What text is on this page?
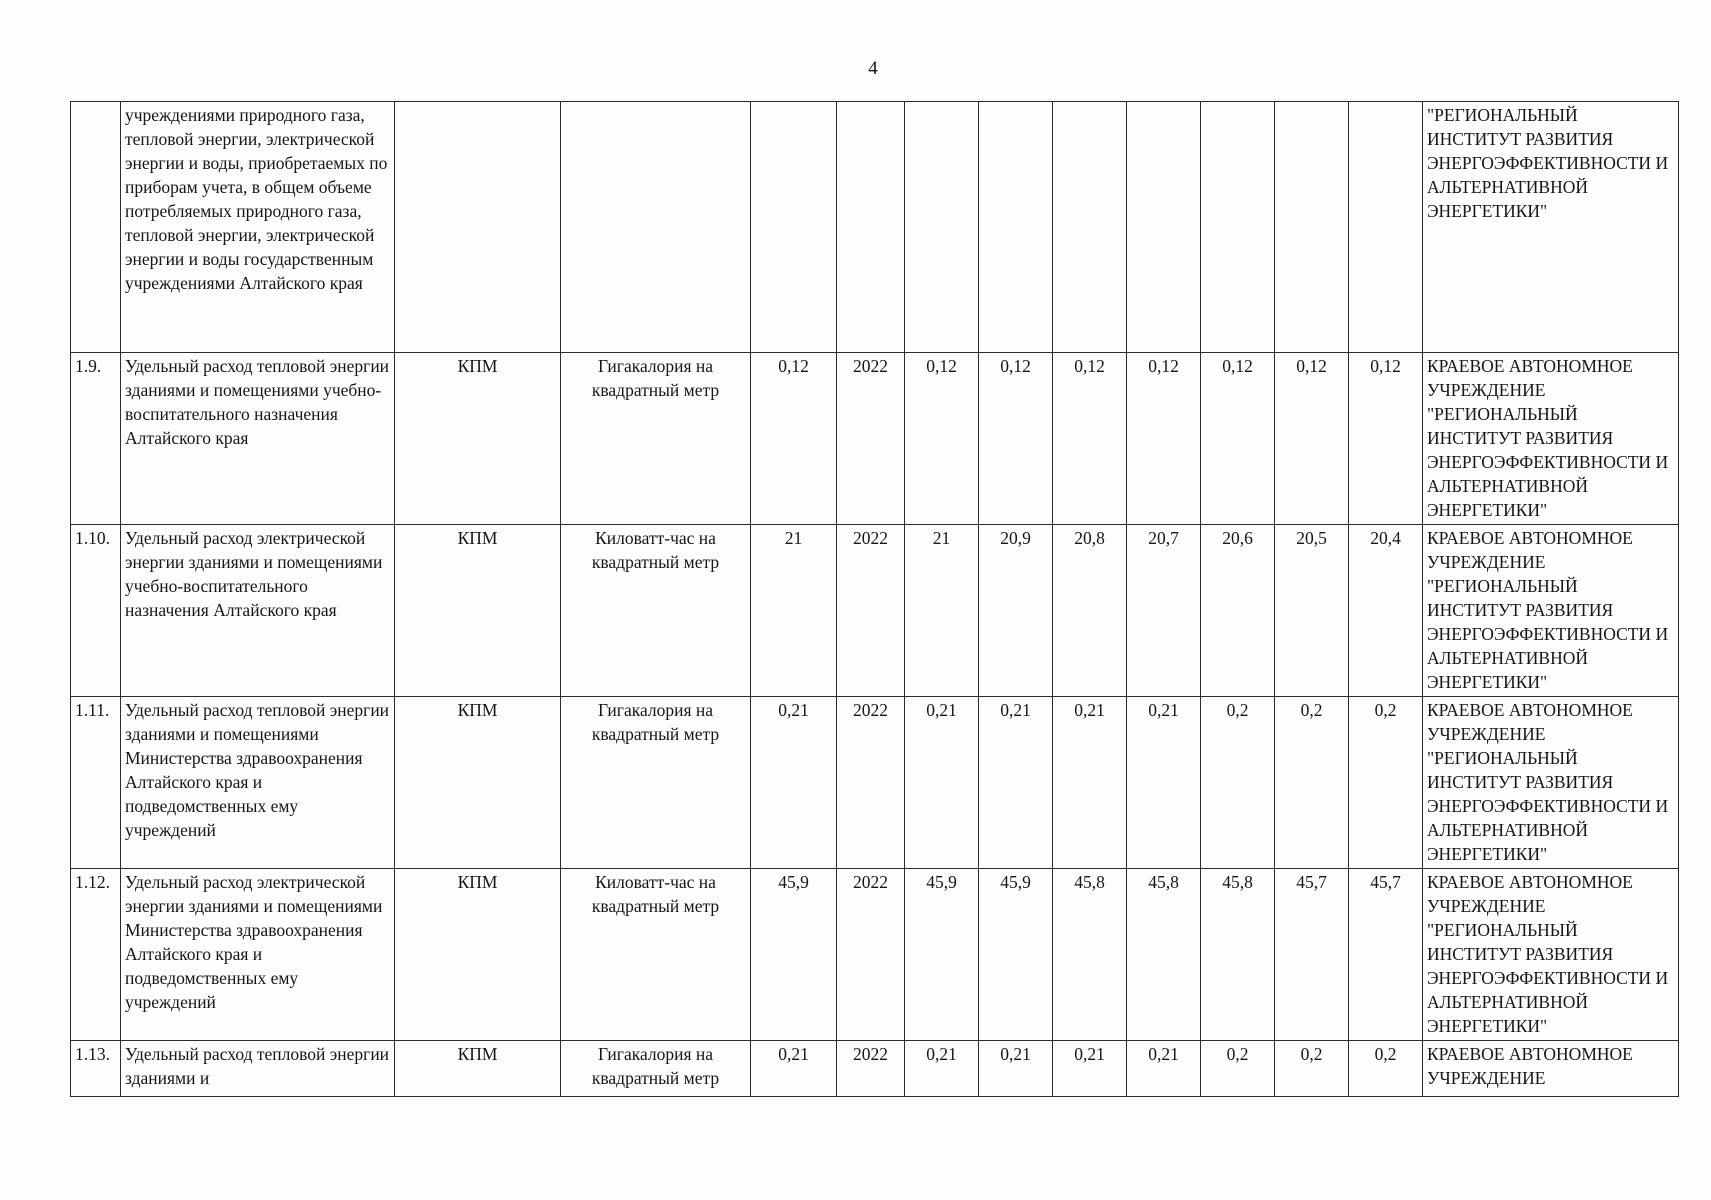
4
	учреждениями природного газа, тепловой энергии, электрической энергии и воды, приобретаемых по приборам учета, в общем объеме потребляемых природного газа, тепловой энергии, электрической энергии и воды государственным учреждениями Алтайского края												"РЕГИОНАЛЬНЫЙ ИНСТИТУТ РАЗВИТИЯ ЭНЕРГОЭФФЕКТИВНОСТИ И АЛЬТЕРНАТИВНОЙ ЭНЕРГЕТИКИ"
1.9.	Удельный расход тепловой энергии зданиями и помещениями учебно-воспитательного назначения Алтайского края	КПМ	Гигакалория на квадратный метр	0,12	2022	0,12	0,12	0,12	0,12	0,12	0,12	0,12	КРАЕВОЕ АВТОНОМНОЕ УЧРЕЖДЕНИЕ "РЕГИОНАЛЬНЫЙ ИНСТИТУТ РАЗВИТИЯ ЭНЕРГОЭФФЕКТИВНОСТИ И АЛЬТЕРНАТИВНОЙ ЭНЕРГЕТИКИ"
1.10.	Удельный расход электрической энергии зданиями и помещениями учебно-воспитательного назначения Алтайского края	КПМ	Киловатт-час на квадратный метр	21	2022	21	20,9	20,8	20,7	20,6	20,5	20,4	КРАЕВОЕ АВТОНОМНОЕ УЧРЕЖДЕНИЕ "РЕГИОНАЛЬНЫЙ ИНСТИТУТ РАЗВИТИЯ ЭНЕРГОЭФФЕКТИВНОСТИ И АЛЬТЕРНАТИВНОЙ ЭНЕРГЕТИКИ"
1.11.	Удельный расход тепловой энергии зданиями и помещениями Министерства здравоохранения Алтайского края и подведомственных ему учреждений	КПМ	Гигакалория на квадратный метр	0,21	2022	0,21	0,21	0,21	0,21	0,2	0,2	0,2	КРАЕВОЕ АВТОНОМНОЕ УЧРЕЖДЕНИЕ "РЕГИОНАЛЬНЫЙ ИНСТИТУТ РАЗВИТИЯ ЭНЕРГОЭФФЕКТИВНОСТИ И АЛЬТЕРНАТИВНОЙ ЭНЕРГЕТИКИ"
1.12.	Удельный расход электрической энергии зданиями и помещениями Министерства здравоохранения Алтайского края и подведомственных ему учреждений	КПМ	Киловатт-час на квадратный метр	45,9	2022	45,9	45,9	45,8	45,8	45,8	45,7	45,7	КРАЕВОЕ АВТОНОМНОЕ УЧРЕЖДЕНИЕ "РЕГИОНАЛЬНЫЙ ИНСТИТУТ РАЗВИТИЯ ЭНЕРГОЭФФЕКТИВНОСТИ И АЛЬТЕРНАТИВНОЙ ЭНЕРГЕТИКИ"
1.13.	Удельный расход тепловой энергии зданиями и	КПМ	Гигакалория на квадратный метр	0,21	2022	0,21	0,21	0,21	0,21	0,2	0,2	0,2	КРАЕВОЕ АВТОНОМНОЕ УЧРЕЖДЕНИЕ
